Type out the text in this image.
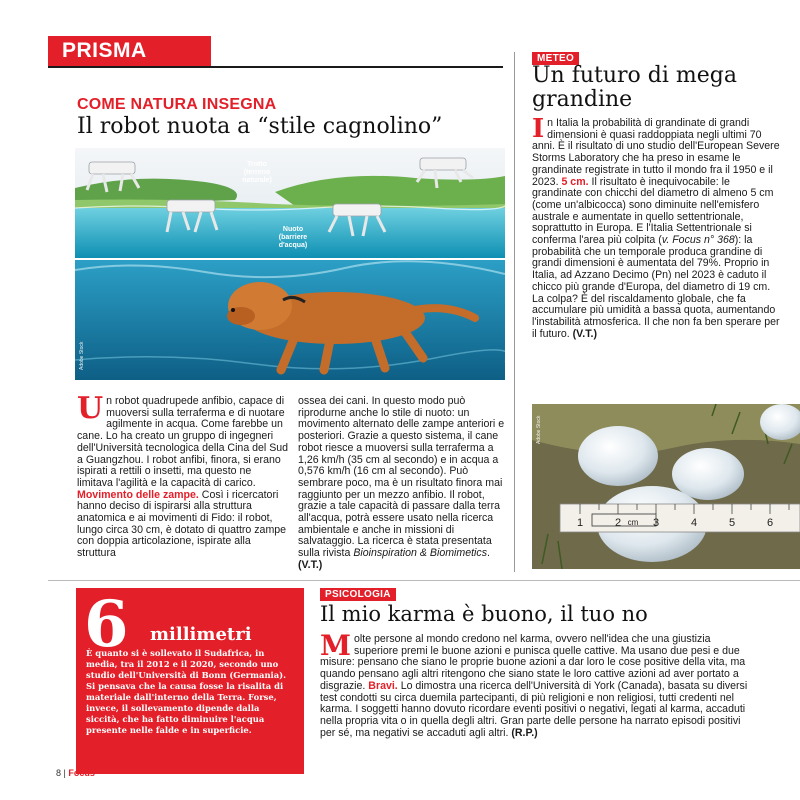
PRISMA
COME NATURA INSEGNA
Il robot nuota a “stile cagnolino”
Trotto
(terreno
naturale)
Nuoto
(barriere
d'acqua)
Adobe Stock
Un robot quadrupede anfibio, capace di muoversi sulla terraferma e di nuotare agilmente in acqua. Come farebbe un cane. Lo ha creato un gruppo di ingegneri dell'Università tecnologica della Cina del Sud a Guangzhou. I robot anfibi, finora, si erano ispirati a rettili o insetti, ma questo ne limitava l'agilità e la capacità di carico. Movimento delle zampe. Così i ricercatori hanno deciso di ispirarsi alla struttura anatomica e ai movimenti di Fido: il robot, lungo circa 30 cm, è dotato di quattro zampe con doppia articolazione, ispirate alla struttura
ossea dei cani. In questo modo può riprodurne anche lo stile di nuoto: un movimento alternato delle zampe anteriori e posteriori. Grazie a questo sistema, il cane robot riesce a muoversi sulla terraferma a 1,26 km/h (35 cm al secondo) e in acqua a 0,576 km/h (16 cm al secondo). Può sembrare poco, ma è un risultato finora mai raggiunto per un mezzo anfibio. Il robot, grazie a tale capacità di passare dalla terra all'acqua, potrà essere usato nella ricerca ambientale e anche in missioni di salvataggio. La ricerca è stata presentata sulla rivista Bioinspiration & Biomimetics. (V.T.)
METEO
Un futuro di mega grandine
In Italia la probabilità di grandinate di grandi dimensioni è quasi raddoppiata negli ultimi 70 anni. È il risultato di uno studio dell'European Severe Storms Laboratory che ha preso in esame le grandinate registrate in tutto il mondo fra il 1950 e il 2023. 5 cm. Il risultato è inequivocabile: le grandinate con chicchi del diametro di almeno 5 cm (come un'albicocca) sono diminuite nell'emisfero australe e aumentate in quello settentrionale, soprattutto in Europa. E l'Italia Settentrionale si conferma l'area più colpita (v. Focus n° 368): la probabilità che un temporale produca grandine di grandi dimensioni è aumentata del 79%. Proprio in Italia, ad Azzano Decimo (Pn) nel 2023 è caduto il chicco più grande d'Europa, del diametro di 19 cm. La colpa? È del riscaldamento globale, che fa accumulare più umidità a bassa quota, aumentando l'instabilità atmosferica. Il che non fa ben sperare per il futuro. (V.T.)
1	2	3	4	5	6
cm
Adobe Stock
6 millimetri
È quanto si è sollevato il Sudafrica, in media, tra il 2012 e il 2020, secondo uno studio dell'Università di Bonn (Germania). Si pensava che la causa fosse la risalita di materiale dall'interno della Terra. Forse, invece, il sollevamento dipende dalla siccità, che ha fatto diminuire l'acqua presente nelle falde e in superficie.
PSICOLOGIA
Il mio karma è buono, il tuo no
Molte persone al mondo credono nel karma, ovvero nell'idea che una giustizia superiore premi le buone azioni e punisca quelle cattive. Ma usano due pesi e due misure: pensano che siano le proprie buone azioni a dar loro le cose positive della vita, ma quando pensano agli altri ritengono che siano state le loro cattive azioni ad aver portato a disgrazie. Bravi. Lo dimostra una ricerca dell'Università di York (Canada), basata su diversi test condotti su circa duemila partecipanti, di più religioni e non religiosi, tutti credenti nel karma. I soggetti hanno dovuto ricordare eventi positivi o negativi, legati al karma, accaduti nella propria vita o in quella degli altri. Gran parte delle persone ha narrato episodi positivi per sé, ma negativi se accaduti agli altri. (R.P.)
8 | Focus
